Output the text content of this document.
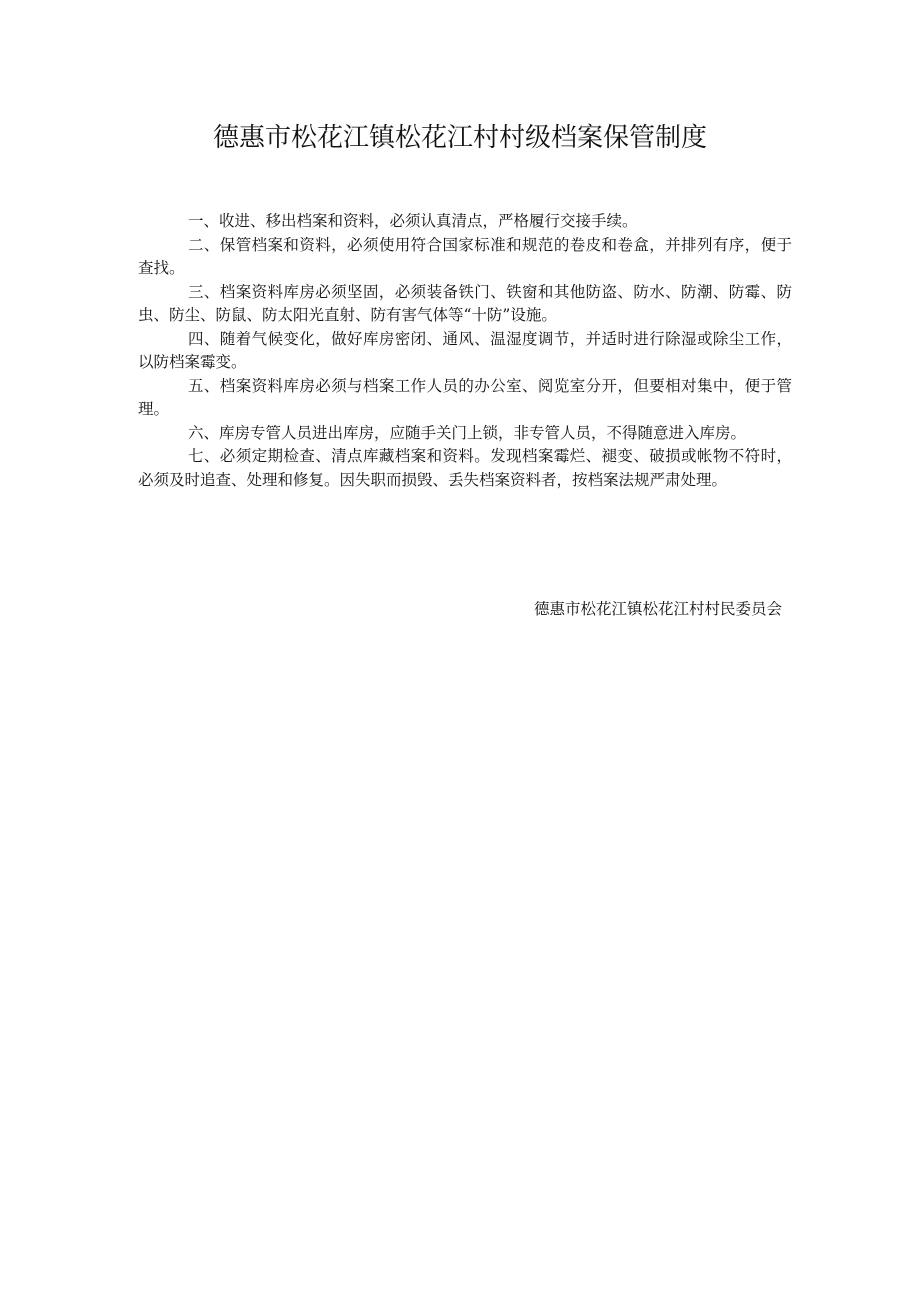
德惠市松花江镇松花江村村级档案保管制度

一、收进、移出档案和资料，必须认真清点，严格履行交接手续。

二、保管档案和资料，必须使用符合国家标准和规范的卷皮和卷盒，并排列有序，便于查找。

三、档案资料库房必须坚固，必须装备铁门、铁窗和其他防盗、防水、防潮、防霉、防虫、防尘、防鼠、防太阳光直射、防有害气体等“十防”设施。

四、随着气候变化，做好库房密闭、通风、温湿度调节，并适时进行除湿或除尘工作，以防档案霉变。

五、档案资料库房必须与档案工作人员的办公室、阅览室分开，但要相对集中，便于管理。

六、库房专管人员进出库房，应随手关门上锁，非专管人员，不得随意进入库房。

七、必须定期检查、清点库藏档案和资料。发现档案霉烂、褪变、破损或帐物不符时，必须及时追查、处理和修复。因失职而损毁、丢失档案资料者，按档案法规严肃处理。

德惠市松花江镇松花江村村民委员会
